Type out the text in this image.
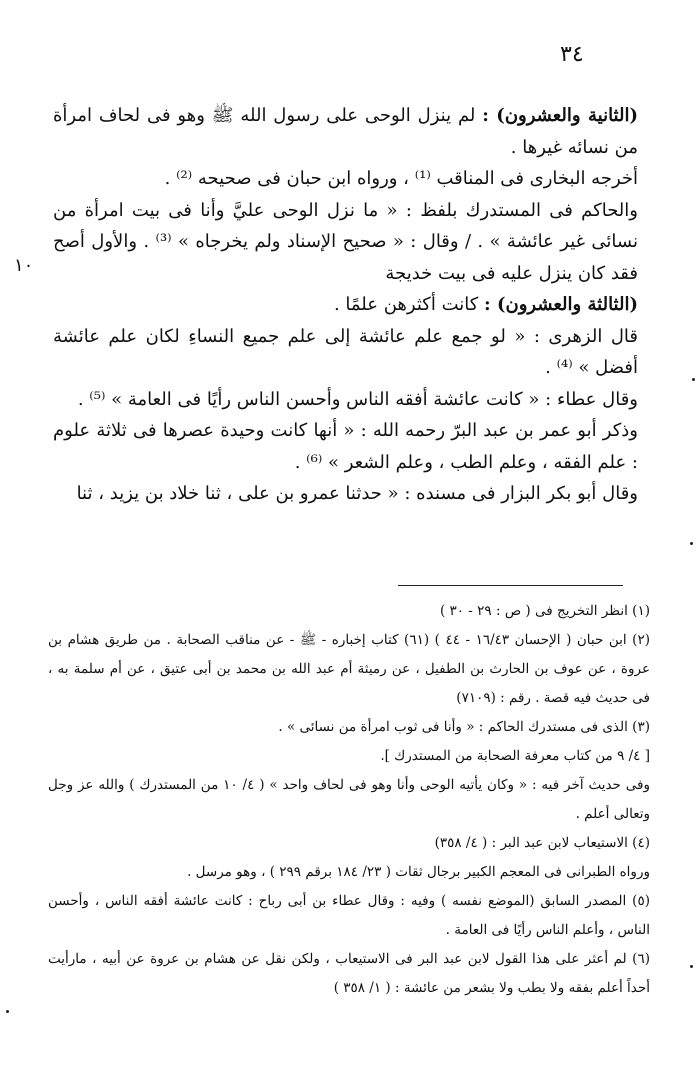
٣٤

(الثانية والعشرون) : لم ينزل الوحى على رسول الله ﷺ وهو فى لحاف امرأة من نسائه غيرها .

أخرجه البخارى فى المناقب ⁽¹⁾ ، ورواه ابن حبان فى صحيحه ⁽²⁾ .

والحاكم فى المستدرك بلفظ : « ما نزل الوحى عليَّ وأنا فى بيت امرأة من نسائى غير عائشة » . / وقال : « صحيح الإسناد ولم يخرجاه » ⁽³⁾ . والأول أصح فقد كان ينزل عليه فى بيت خديجة

(الثالثة والعشرون) : كانت أكثرهن علمًا .

قال الزهرى : « لو جمع علم عائشة إلى علم جميع النساءِ لكان علم عائشة أفضل » ⁽⁴⁾ .

وقال عطاء : « كانت عائشة أفقه الناس وأحسن الناس رأيًا فى العامة » ⁽⁵⁾ .

وذكر أبو عمر بن عبد البرّ رحمه الله : « أنها كانت وحيدة عصرها فى ثلاثة علوم : علم الفقه ، وعلم الطب ، وعلم الشعر » ⁽⁶⁾ .

وقال أبو بكر البزار فى مسنده : « حدثنا عمرو بن على ، ثنا خلاد بن يزيد ، ثنا

١٠

(١) انظر التخريج فى ( ص : ٢٩ - ٣٠ )

(٢) ابن حبان ( الإحسان ١٦/٤٣ - ٤٤ ) (٦١) كتاب إخباره - ﷺ - عن مناقب الصحابة . من طريق هشام بن عروة ، عن عوف بن الحارث بن الطفيل ، عن رميثة أم عبد الله بن محمد بن أبى عتيق ، عن أم سلمة به ، فى حديث فيه قصة . رقم : (٧١٠٩)

(٣) الذى فى مستدرك الحاكم : « وأنا فى ثوب امرأة من نسائى » .

[ ٤/ ٩ من كتاب معرفة الصحابة من المستدرك ].

وفى حديث آخر فيه : « وكان يأتيه الوحى وأنا وهو فى لحاف واحد » ( ٤/ ١٠ من المستدرك ) والله عز وجل وتعالى أعلم .

(٤) الاستيعاب لابن عبد البر : ( ٤/ ٣٥٨)

ورواه الطبرانى فى المعجم الكبير برجال ثقات ( ٢٣/ ١٨٤ برقم ٢٩٩ ) ، وهو مرسل .

(٥) المصدر السابق (الموضع نفسه ) وفيه : وقال عطاء بن أبى رباح : كانت عائشة أفقه الناس ، وأحسن الناس ، وأعلم الناس رأيًا فى العامة .

(٦) لم أعثر على هذا القول لابن عبد البر فى الاستيعاب ، ولكن نقل عن هشام بن عروة عن أبيه ، مارأيت أحداً أعلم بفقه ولا بطب ولا بشعر من عائشة : ( ١/ ٣٥٨ )
